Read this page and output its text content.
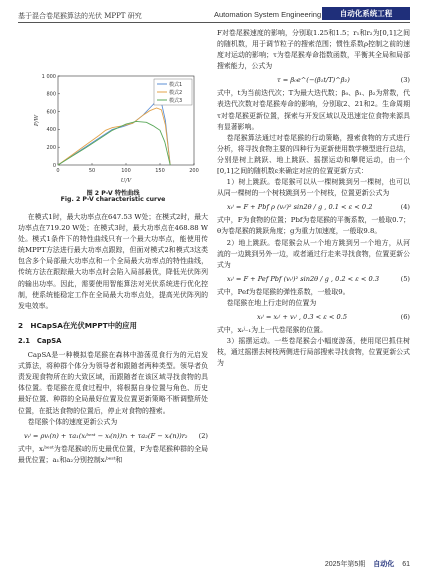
基于混合卷尾猴算法的光伏 MPPT 研究	Automation System Engineering	自动化系统工程
0	50	100	150	200
0
200
400
600
800
1 000
U/V
P/W
模式1
模式2
模式3
图 2 P-V 特性曲线
Fig. 2 P-V characteristic curve

在模式1时，最大功率点在647.53 W处；在模式2时，最大功率点在719.20 W处；在模式3时，最大功率点在468.88 W处。模式1条件下的特性曲线只有一个最大功率点，能使用传统MPPT方法进行最大功率点跟踪，但面对模式2和模式3这类包含多个局部最大功率点和一个全局最大功率点的特性曲线，传统方法在跟踪最大功率点时会陷入局部最优，降低光伏阵列的输出功率。因此，需要使用智能算法对光伏系统进行优化控制，使系统能稳定工作在全局最大功率点处，提高光伏阵列的发电效率。

2　HCapSA在光伏MPPT中的应用

2.1　CapSA

CapSA是一种模拟卷尾猴在森林中游荡觅食行为的元启发式算法，将种群个体分为领导者和跟随者两种类型。领导者负责发现食物所在的大致区域，而跟随者在该区域寻找食物的具体位置。卷尾猴在觅食过程中，将根据自身位置与角色、历史最好位置、种群的全局最好位置及位置更新策略不断调整所处位置，在抵达食物的位置后，停止对食物的搜索。

卷尾猴个体的速度更新公式为

vᵢʲ = ρvᵢ(n) + τa₁(xᵢᵇᵉˢᵗ − xᵢ(n))r₁ + τa₂(F − xᵢ(n))r₂ (2)

式中，xᵢᵇᵉˢᵗ为卷尾猴i的历史最优位置，F为卷尾猴种群的全局最优位置；a₁和a₂分别控制xᵢᵇᵉˢᵗ和

F对卷尾猴速度的影响，分别取1.25和1.5；r₁和r₂为[0,1]之间的随机数，用于调节粒子的搜索范围；惯性系数ρ控制之前的速度对运动的影响；τ为卷尾猴寿命指数函数，平衡其全局和局部搜索能力，公式为

τ = β₀e^(−(β₁t/T)^β₂)	(3)

式中，t为当前迭代次；T为最大迭代数；β₀、β₁、β₂为常数，代表迭代次数对卷尾猴寿命的影响，分别取2、21和2。生命周期τ对卷尾猴更新位置，探索与开发区域以及迅速定位食物来源具有显著影响。

卷尾猴算法通过对卷尾猴的行动策略，搜索食物的方式进行分析，将寻找食物主要的四种行为更新使用数学模型进行总结，分别是树上跳跃、地上跳跃、摇摆运动和攀爬运动，由一个[0,1]之间的随机数ε来确定对应的位置更新方式：

1）树上跳跃。卷尾猴可以从一棵树跳到另一棵树，也可以从同一棵树的一个树枝跳到另一个树枝，位置更新公式为

xᵢʲ = F + Pbf ρ (vᵢʲ)² sin2θ / g , 0.1 < ε < 0.2	(4)

式中，F为食物的位置；Pbf为卷尾猴的平衡系数，一般取0.7；θ为卷尾猴的跳跃角度；g为重力加速度，一般取9.8。

2）地上跳跃。卷尾猴会从一个地方跳到另一个地方，从河流的一边跳到另外一边，或者通过行走来寻找食物，位置更新公式为

xᵢʲ = F + Pef Pbf (vᵢʲ)² sin2θ / g , 0.2 < ε < 0.3	(5)

式中，Pef为卷尾猴的弹性系数，一般取9。

卷尾猴在地上行走时的位置为

xᵢʲ = xᵢʲ + vᵢʲ , 0.3 < ε < 0.5	(6)

式中，xᵢʲ₋₁为上一代卷尾猴的位置。

3）摇摆运动。一些卷尾猴会小幅度游荡，使用尾巴抓住树枝，通过摇摆去树枝两侧进行局部搜索寻找食物，位置更新公式为

2025年第5期 自动化 61
